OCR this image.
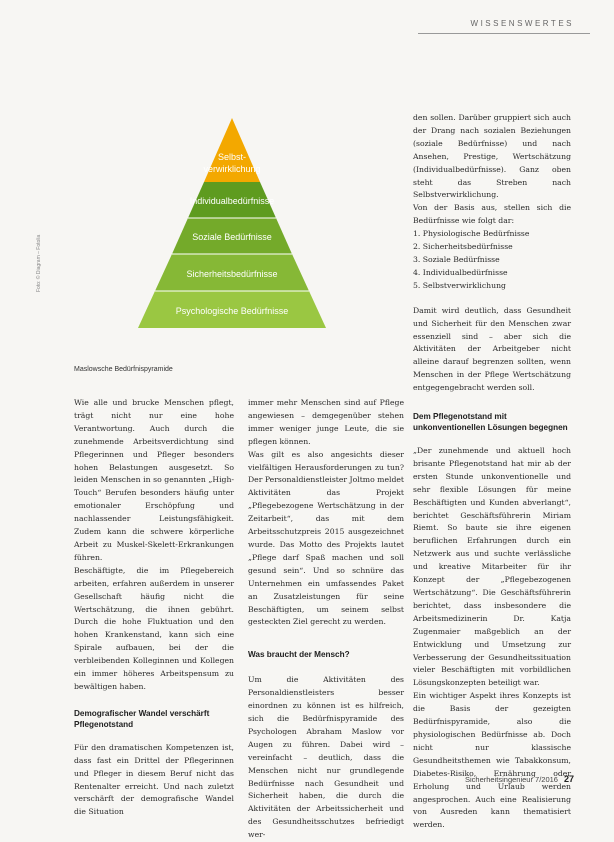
WISSENSWERTES
Foto: © Diagram – Fotolia
Selbst-
verwirklichung
Individualbedürfnisse
Soziale Bedürfnisse
Sicherheitsbedürfnisse
Psychologische Bedürfnisse
Maslowsche Bedürfnispyramide

Wie alle und brucke Menschen pflegt, trägt nicht nur eine hohe Verantwortung. Auch durch die zunehmende Arbeitsverdichtung sind Pflegerinnen und Pfleger besonders hohen Belastungen ausgesetzt. So leiden Menschen in so genannten „High-Touch“ Berufen besonders häufig unter emotionaler Erschöpfung und nachlassender Leistungsfähigkeit. Zudem kann die schwere körperliche Arbeit zu Muskel-Skelett-Erkrankungen führen.

Beschäftigte, die im Pflegebereich arbeiten, erfahren außerdem in unserer Gesellschaft häufig nicht die Wertschätzung, die ihnen gebührt. Durch die hohe Fluktuation und den hohen Krankenstand, kann sich eine Spirale aufbauen, bei der die verbleibenden Kolleginnen und Kollegen ein immer höheres Arbeitspensum zu bewältigen haben.

Demografischer Wandel verschärft Pflegenotstand

Für den dramatischen Kompetenzen ist, dass fast ein Drittel der Pflegerinnen und Pfleger in diesem Beruf nicht das Rentenalter erreicht. Und nach zuletzt verschärft der demografische Wandel die Situation

immer mehr Menschen sind auf Pflege angewiesen – demgegenüber stehen immer weniger junge Leute, die sie pflegen können.

Was gilt es also angesichts dieser vielfältigen Herausforderungen zu tun? Der Personaldienstleister Joltmo meldet Aktivitäten das Projekt „Pflegebezogene Wertschätzung in der Zeitarbeit“, das mit dem Arbeitsschutzpreis 2015 ausgezeichnet wurde. Das Motto des Projekts lautet „Pflege darf Spaß machen und soll gesund sein“. Und so schnüre das Unternehmen ein umfassendes Paket an Zusatzleistungen für seine Beschäftigten, um seinem selbst gesteckten Ziel gerecht zu werden.

Was braucht der Mensch?

Um die Aktivitäten des Personaldienstleisters besser einordnen zu können ist es hilfreich, sich die Bedürfnispyramide des Psychologen Abraham Maslow vor Augen zu führen. Dabei wird – vereinfacht – deutlich, dass die Menschen nicht nur grundlegende Bedürfnisse nach Gesundheit und Sicherheit haben, die durch die Aktivitäten der Arbeitssicherheit und des Gesundheitsschutzes befriedigt wer-

den sollen. Darüber gruppiert sich auch der Drang nach sozialen Beziehungen (soziale Bedürfnisse) und nach Ansehen, Prestige, Wertschätzung (Individualbedürfnisse). Ganz oben steht das Streben nach Selbstverwirklichung.

Von der Basis aus, stellen sich die Bedürfnisse wie folgt dar:

1. Physiologische Bedürfnisse
2. Sicherheitsbedürfnisse
3. Soziale Bedürfnisse
4. Individualbedürfnisse
5. Selbstverwirklichung

Damit wird deutlich, dass Gesundheit und Sicherheit für den Menschen zwar essenziell sind – aber sich die Aktivitäten der Arbeitgeber nicht alleine darauf begrenzen sollten, wenn Menschen in der Pflege Wertschätzung entgegengebracht werden soll.

Dem Pflegenotstand mit unkonventionellen Lösungen begegnen

„Der zunehmende und aktuell hoch brisante Pflegenotstand hat mir ab der ersten Stunde unkonventionelle und sehr flexible Lösungen für meine Beschäftigten und Kunden abverlangt“, berichtet Geschäftsführerin Miriam Riemt. So baute sie ihre eigenen beruflichen Erfahrungen durch ein Netzwerk aus und suchte verlässliche und kreative Mitarbeiter für ihr Konzept der „Pflegebezogenen Wertschätzung“. Die Geschäftsführerin berichtet, dass insbesondere die Arbeitsmedizinerin Dr. Katja Zugenmaier maßgeblich an der Entwicklung und Umsetzung zur Verbesserung der Gesundheitssituation vieler Beschäftigten mit vorbildlichen Lösungskonzepten beteiligt war.

Ein wichtiger Aspekt ihres Konzepts ist die Basis der gezeigten Bedürfnispyramide, also die physiologischen Bedürfnisse ab. Doch nicht nur klassische Gesundheitsthemen wie Tabakkonsum, Diabetes-Risiko, Ernährung oder Erholung und Urlaub werden angesprochen. Auch eine Realisierung von Ausreden kann thematisiert werden.

Sicherheitsingenieur 7/2016 27
